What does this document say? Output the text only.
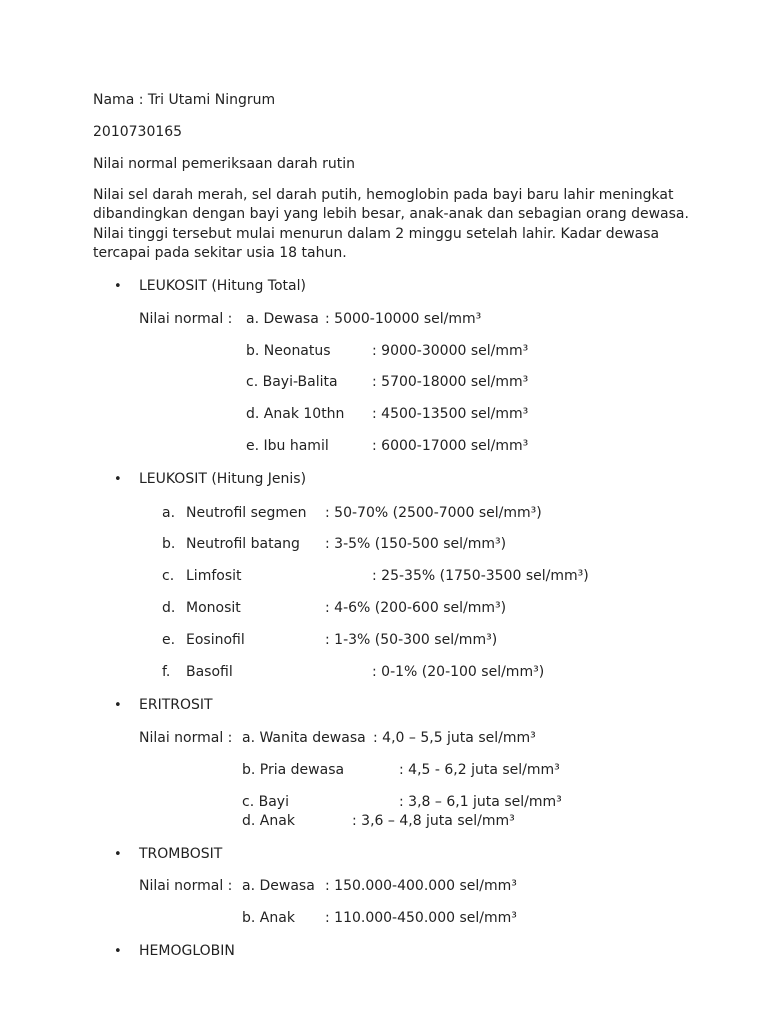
Nama : Tri Utami Ningrum
2010730165
Nilai normal pemeriksaan darah rutin
Nilai sel darah merah, sel darah putih, hemoglobin pada bayi baru lahir meningkat dibandingkan dengan bayi yang lebih besar, anak-anak dan sebagian orang dewasa. Nilai tinggi tersebut mulai menurun dalam 2 minggu setelah lahir. Kadar dewasa tercapai pada sekitar usia 18 tahun.
• LEUKOSIT (Hitung Total)
Nilai normal : a. Dewasa : 5000-10000 sel/mm³
b. Neonatus	: 9000-30000 sel/mm³
c. Bayi-Balita : 5700-18000 sel/mm³
d. Anak 10thn : 4500-13500 sel/mm³
e. Ibu hamil	: 6000-17000 sel/mm³
• LEUKOSIT (Hitung Jenis)
a. Neutrofil segmen : 50-70% (2500-7000 sel/mm³)
b. Neutrofil batang : 3-5% (150-500 sel/mm³)
c. Limfosit	: 25-35% (1750-3500 sel/mm³)
d. Monosit	: 4-6% (200-600 sel/mm³)
e. Eosinofil	: 1-3% (50-300 sel/mm³)
f. Basofil	: 0-1% (20-100 sel/mm³)
• ERITROSIT
Nilai normal : a. Wanita dewasa : 4,0 – 5,5 juta sel/mm³
b. Pria dewasa	: 4,5 - 6,2 juta sel/mm³
c. Bayi	: 3,8 – 6,1 juta sel/mm³
d. Anak	: 3,6 – 4,8 juta sel/mm³
• TROMBOSIT
Nilai normal : a. Dewasa : 150.000-400.000 sel/mm³
b. Anak : 110.000-450.000 sel/mm³
• HEMOGLOBIN
